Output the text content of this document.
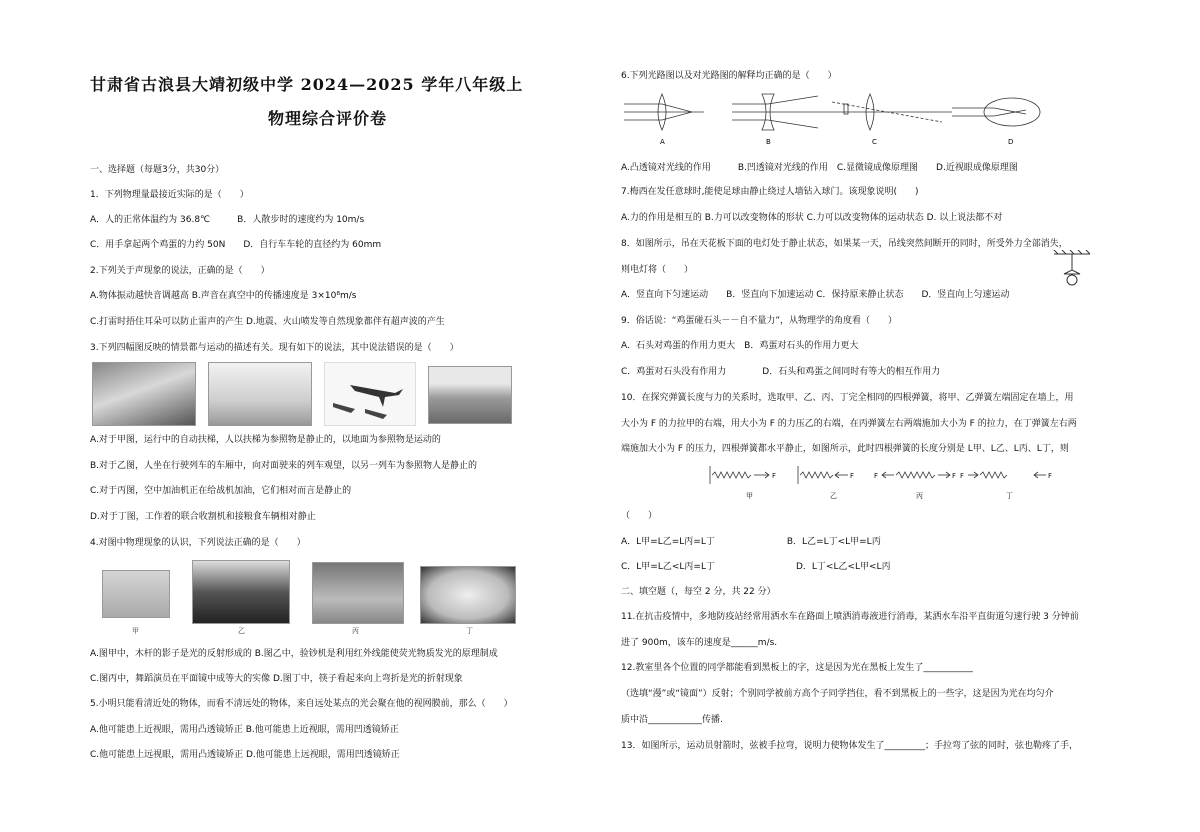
甘肃省古浪县大靖初级中学 2024—2025 学年八年级上
物理综合评价卷
一、选择题（每题3分，共30分）
1．下列物理量最接近实际的是（　　）
A．人的正常体温约为 36.8℃　　　B．人散步时的速度约为 10m/s
C．用手拿起两个鸡蛋的力约 50N　　D．自行车车轮的直径约为 60mm
2.下列关于声现象的说法，正确的是（　　）
A.物体振动越快音调越高 B.声音在真空中的传播速度是 3×10⁸m/s
C.打雷时捂住耳朵可以防止雷声的产生 D.地震、火山喷发等自然现象都伴有超声波的产生
3.下列四幅图反映的情景都与运动的描述有关。现有如下的说法，其中说法错误的是（　　）
A.对于甲图，运行中的自动扶梯，人以扶梯为参照物是静止的，以地面为参照物是运动的
B.对于乙图，人坐在行驶列车的车厢中，向对面驶来的列车观望，以另一列车为参照物人是静止的
C.对于丙图，空中加油机正在给战机加油，它们相对而言是静止的
D.对于丁图，工作着的联合收割机和接粮食车辆相对静止
4.对图中物理现象的认识，下列说法正确的是（　　）
甲	乙	丙	丁
A.图甲中，木杆的影子是光的反射形成的 B.图乙中，验钞机是利用红外线能使荧光物质发光的原理制成
C.图丙中，舞蹈演员在平面镜中成等大的实像 D.图丁中，筷子看起来向上弯折是光的折射现象
5.小明只能看清近处的物体，而看不清远处的物体，来自远处某点的光会聚在他的视网膜前，那么（　　）
A.他可能患上近视眼，需用凸透镜矫正 B.他可能患上近视眼，需用凹透镜矫正
C.他可能患上远视眼，需用凸透镜矫正 D.他可能患上远视眼，需用凹透镜矫正
6.下列光路图以及对光路图的解释均正确的是（　　）
A	B	C	D
A.凸透镜对光线的作用　　　B.凹透镜对光线的作用　C.显微镜成像原理图　　D.近视眼成像原理图
7.梅西在发任意球时,能使足球由静止绕过人墙钻入球门。该现象说明(　　)
A.力的作用是相互的 B.力可以改变物体的形状 C.力可以改变物体的运动状态 D. 以上说法都不对
8．如图所示，吊在天花板下面的电灯处于静止状态，如果某一天，吊线突然间断开的同时，所受外力全部消失，
则电灯将（　　）
A．竖直向下匀速运动　　B．竖直向下加速运动 C．保持原来静止状态　　D．竖直向上匀速运动
9．俗话说：“鸡蛋碰石头－－自不量力”，从物理学的角度看（　　）
A．石头对鸡蛋的作用力更大　B．鸡蛋对石头的作用力更大
C．鸡蛋对石头没有作用力　　　　D．石头和鸡蛋之间同时有等大的相互作用力
10．在探究弹簧长度与力的关系时，选取甲、乙、丙、丁完全相同的四根弹簧，将甲、乙弹簧左端固定在墙上，用
大小为 F 的力拉甲的右端，用大小为 F 的力压乙的右端，在丙弹簧左右两端施加大小为 F 的拉力，在丁弹簧左右两
端施加大小为 F 的压力，四根弹簧都水平静止，如图所示，此时四根弹簧的长度分别是 L甲、L乙、L丙、L丁，则
F	F	F	F F	F
甲	乙	丙	丁
（　　）
A．L甲=L乙=L丙=L丁　　　　　　　　B．L乙=L丁<L甲=L丙
C．L甲=L乙<L丙=L丁　　　　　　　　　D．L丁<L乙<L甲<L丙
二、填空题（，每空 2 分，共 22 分）
11.在抗击疫情中，多地防疫站经常用洒水车在路面上喷洒消毒液进行消毒，某洒水车沿平直街道匀速行驶 3 分钟前
进了 900m，该车的速度是______m/s.
12.教室里各个位置的同学都能看到黑板上的字，这是因为光在黑板上发生了___________
（选填“漫”或“镜面”）反射；个别同学被前方高个子同学挡住，看不到黑板上的一些字，这是因为光在均匀介
质中沿____________传播.
13．如图所示，运动员射箭时，弦被手拉弯，说明力使物体发生了_________；手拉弯了弦的同时，弦也勒疼了手，
